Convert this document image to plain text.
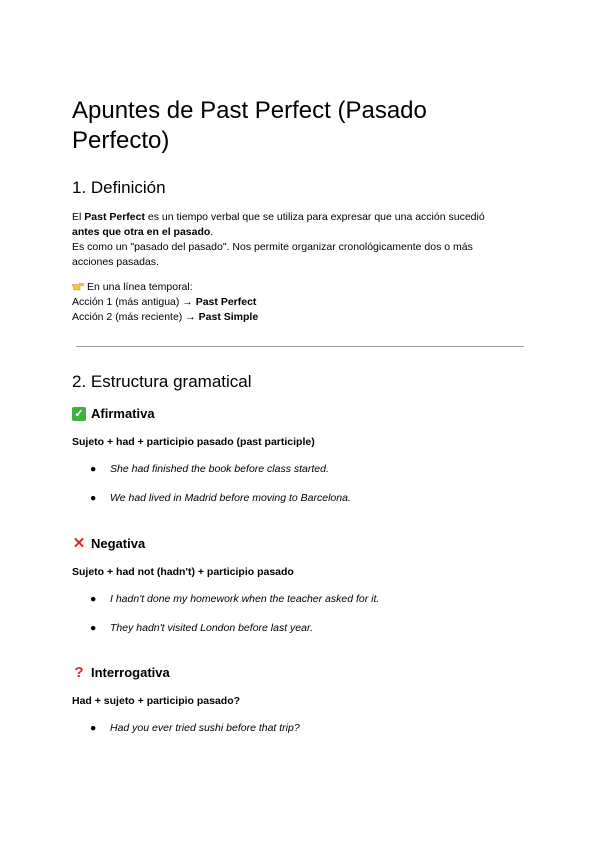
Apuntes de Past Perfect (Pasado Perfecto)
1. Definición
El Past Perfect es un tiempo verbal que se utiliza para expresar que una acción sucedió
antes que otra en el pasado.
Es como un "pasado del pasado". Nos permite organizar cronológicamente dos o más
acciones pasadas.
En una línea temporal:
Acción 1 (más antigua) → Past Perfect
Acción 2 (más reciente) → Past Simple
2. Estructura gramatical
✓ Afirmativa
Sujeto + had + participio pasado (past participle)
● She had finished the book before class started.
● We had lived in Madrid before moving to Barcelona.
✕ Negativa
Sujeto + had not (hadn't) + participio pasado
● I hadn't done my homework when the teacher asked for it.
● They hadn't visited London before last year.
? Interrogativa
Had + sujeto + participio pasado?
● Had you ever tried sushi before that trip?
